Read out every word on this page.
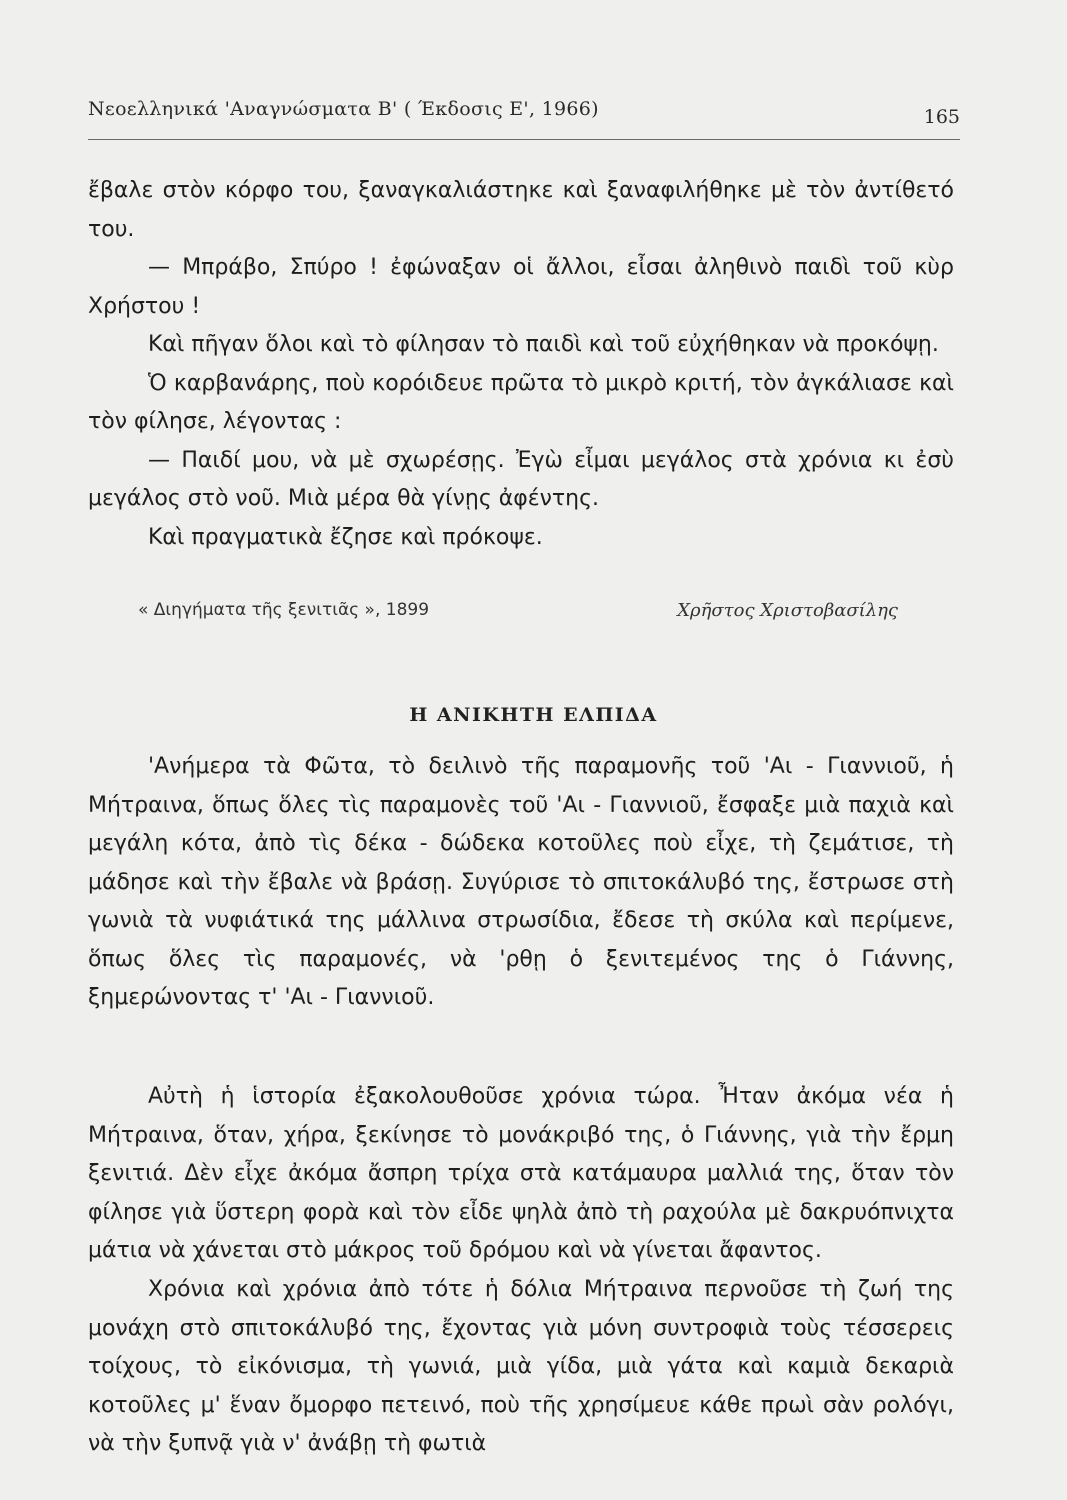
Νεοελληνικά 'Αναγνώσματα Β' ( Έκδοσις Ε', 1966)	165

ἔβαλε στὸν κόρφο του, ξαναγκαλιάστηκε καὶ ξαναφιλήθηκε μὲ τὸν ἀντίθετό του.

— Μπράβο, Σπύρο ! ἐφώναξαν οἱ ἄλλοι, εἶσαι ἀληθινὸ παιδὶ τοῦ κὺρ Χρήστου !

Καὶ πῆγαν ὅλοι καὶ τὸ φίλησαν τὸ παιδὶ καὶ τοῦ εὐχήθηκαν νὰ προκόψῃ.

Ὁ καρβανάρης, ποὺ κορόιδευε πρῶτα τὸ μικρὸ κριτή, τὸν ἀγκάλιασε καὶ τὸν φίλησε, λέγοντας :

— Παιδί μου, νὰ μὲ σχωρέσῃς. Ἐγὼ εἶμαι μεγάλος στὰ χρόνια κι ἐσὺ μεγάλος στὸ νοῦ. Μιὰ μέρα θὰ γίνῃς ἀφέντης.

Καὶ πραγματικὰ ἔζησε καὶ πρόκοψε.

« Διηγήματα τῆς ξενιτιᾶς », 1899	Χρῆστος Χριστοβασίλης
Η ΑΝΙΚΗΤΗ ΕΛΠΙΔΑ

'Ανήμερα τὰ Φῶτα, τὸ δειλινὸ τῆς παραμονῆς τοῦ 'Αι - Γιαννιοῦ, ἡ Μήτραινα, ὅπως ὅλες τὶς παραμονὲς τοῦ 'Αι - Γιαννιοῦ, ἔσφαξε μιὰ παχιὰ καὶ μεγάλη κότα, ἀπὸ τὶς δέκα - δώδεκα κοτοῦλες ποὺ εἶχε, τὴ ζεμάτισε, τὴ μάδησε καὶ τὴν ἔβαλε νὰ βράσῃ. Συγύρισε τὸ σπιτοκάλυβό της, ἔστρωσε στὴ γωνιὰ τὰ νυφιάτικά της μάλλινα στρωσίδια, ἔδεσε τὴ σκύλα καὶ περίμενε, ὅπως ὅλες τὶς παραμονές, νὰ 'ρθῃ ὁ ξενιτεμένος της ὁ Γιάννης, ξημερώνοντας τ' 'Αι - Γιαννιοῦ.

Αὐτὴ ἡ ἱστορία ἐξακολουθοῦσε χρόνια τώρα. Ἦταν ἀκόμα νέα ἡ Μήτραινα, ὅταν, χήρα, ξεκίνησε τὸ μονάκριβό της, ὁ Γιάννης, γιὰ τὴν ἔρμη ξενιτιά. Δὲν εἶχε ἀκόμα ἄσπρη τρίχα στὰ κατάμαυρα μαλλιά της, ὅταν τὸν φίλησε γιὰ ὕστερη φορὰ καὶ τὸν εἶδε ψηλὰ ἀπὸ τὴ ραχούλα μὲ δακρυόπνιχτα μάτια νὰ χάνεται στὸ μάκρος τοῦ δρόμου καὶ νὰ γίνεται ἄφαντος.

Χρόνια καὶ χρόνια ἀπὸ τότε ἡ δόλια Μήτραινα περνοῦσε τὴ ζωή της μονάχη στὸ σπιτοκάλυβό της, ἔχοντας γιὰ μόνη συντροφιὰ τοὺς τέσσερεις τοίχους, τὸ εἰκόνισμα, τὴ γωνιά, μιὰ γίδα, μιὰ γάτα καὶ καμιὰ δεκαριὰ κοτοῦλες μ' ἕναν ὄμορφο πετεινό, ποὺ τῆς χρησίμευε κάθε πρωὶ σὰν ρολόγι, νὰ τὴν ξυπνᾷ γιὰ ν' ἀνάβῃ τὴ φωτιὰ
